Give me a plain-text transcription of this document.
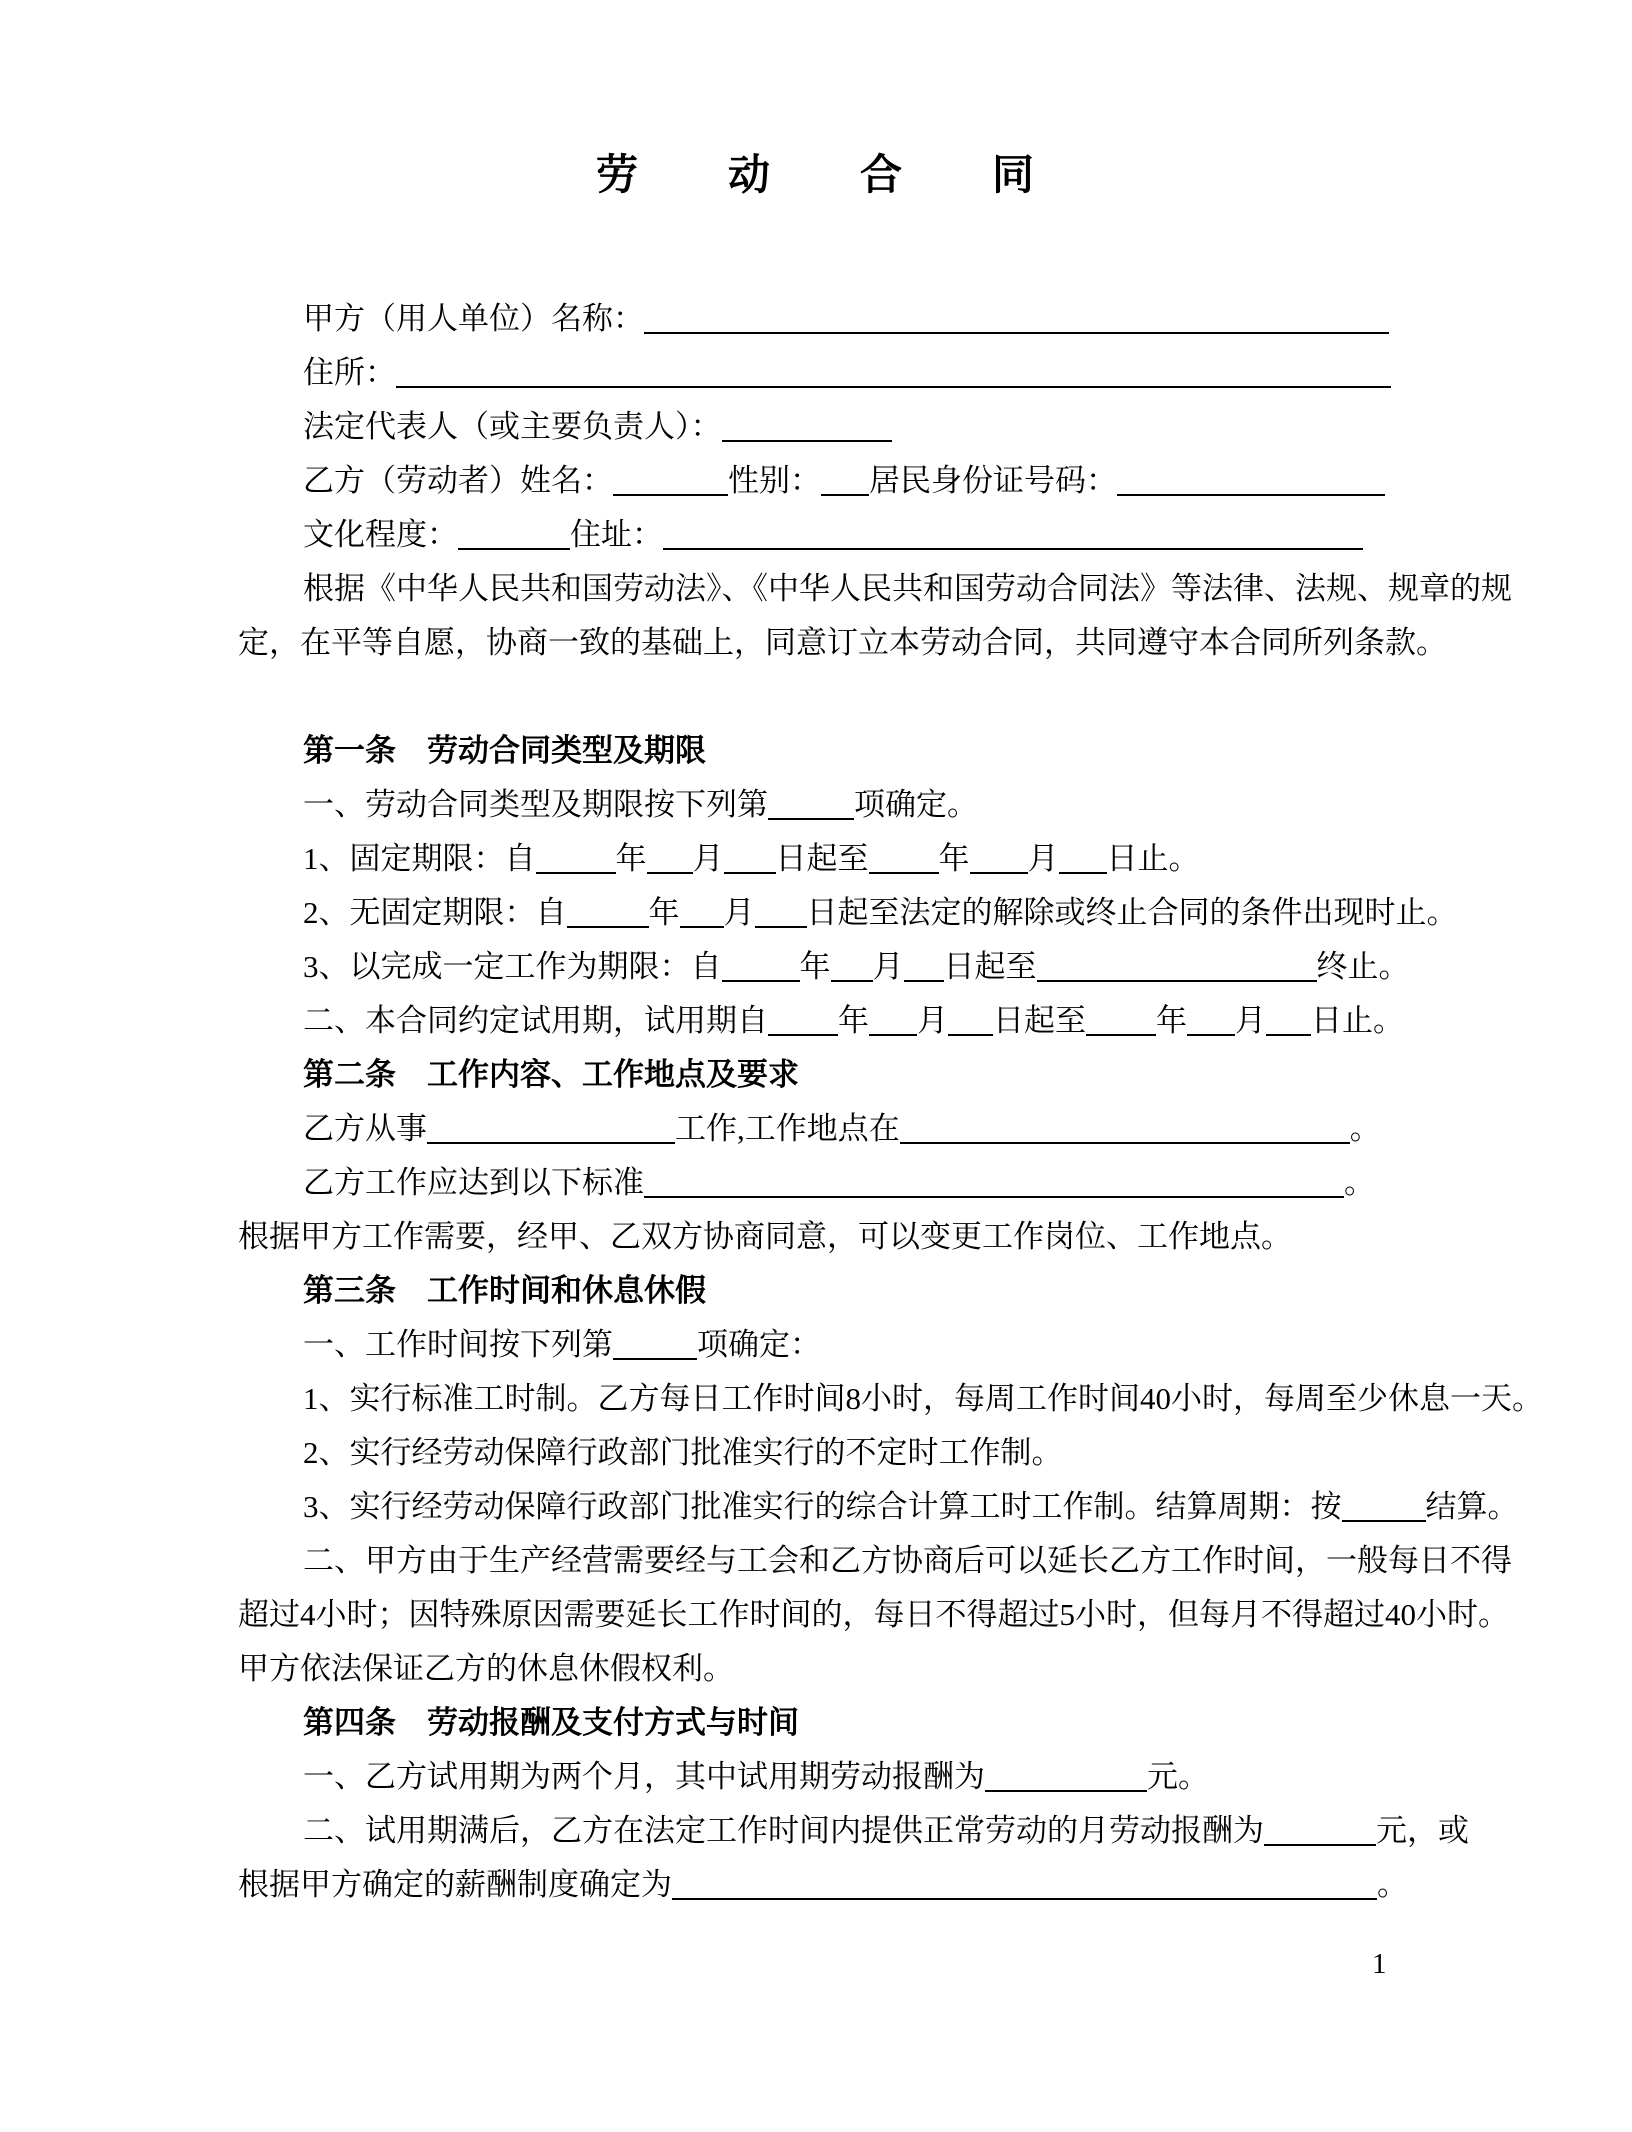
劳　　动　　合　　同
甲方（用人单位）名称：
住所：
法定代表人（或主要负责人）：
乙方（劳动者）姓名：	性别： 居民身份证号码：
文化程度：	住址：
根据《中华人民共和国劳动法》、《中华人民共和国劳动合同法》等法律、法规、规章的规
定，在平等自愿，协商一致的基础上，同意订立本劳动合同，共同遵守本合同所列条款。
第一条　劳动合同类型及期限
一、劳动合同类型及期限按下列第	项确定。
1、固定期限：自	年 月 日起至 年 月 日止。
2、无固定期限：自	年 月 日起至法定的解除或终止合同的条件出现时止。
3、以完成一定工作为期限：自	年 月 日起至	终止。
二、本合同约定试用期，试用期自 年 月 日起至 年 月 日止。
第二条　工作内容、工作地点及要求
乙方从事	工作,工作地点在	。
乙方工作应达到以下标准	。
根据甲方工作需要，经甲、乙双方协商同意，可以变更工作岗位、工作地点。
第三条　工作时间和休息休假
一、工作时间按下列第	项确定：
1、实行标准工时制。乙方每日工作时间8小时，每周工作时间40小时，每周至少休息一天。
2、实行经劳动保障行政部门批准实行的不定时工作制。
3、实行经劳动保障行政部门批准实行的综合计算工时工作制。结算周期：按	结算。
二、甲方由于生产经营需要经与工会和乙方协商后可以延长乙方工作时间，一般每日不得
超过4小时；因特殊原因需要延长工作时间的，每日不得超过5小时，但每月不得超过40小时。
甲方依法保证乙方的休息休假权利。
第四条　劳动报酬及支付方式与时间
一、乙方试用期为两个月，其中试用期劳动报酬为	元。
二、试用期满后，乙方在法定工作时间内提供正常劳动的月劳动报酬为	元，或
根据甲方确定的薪酬制度确定为	。
1
